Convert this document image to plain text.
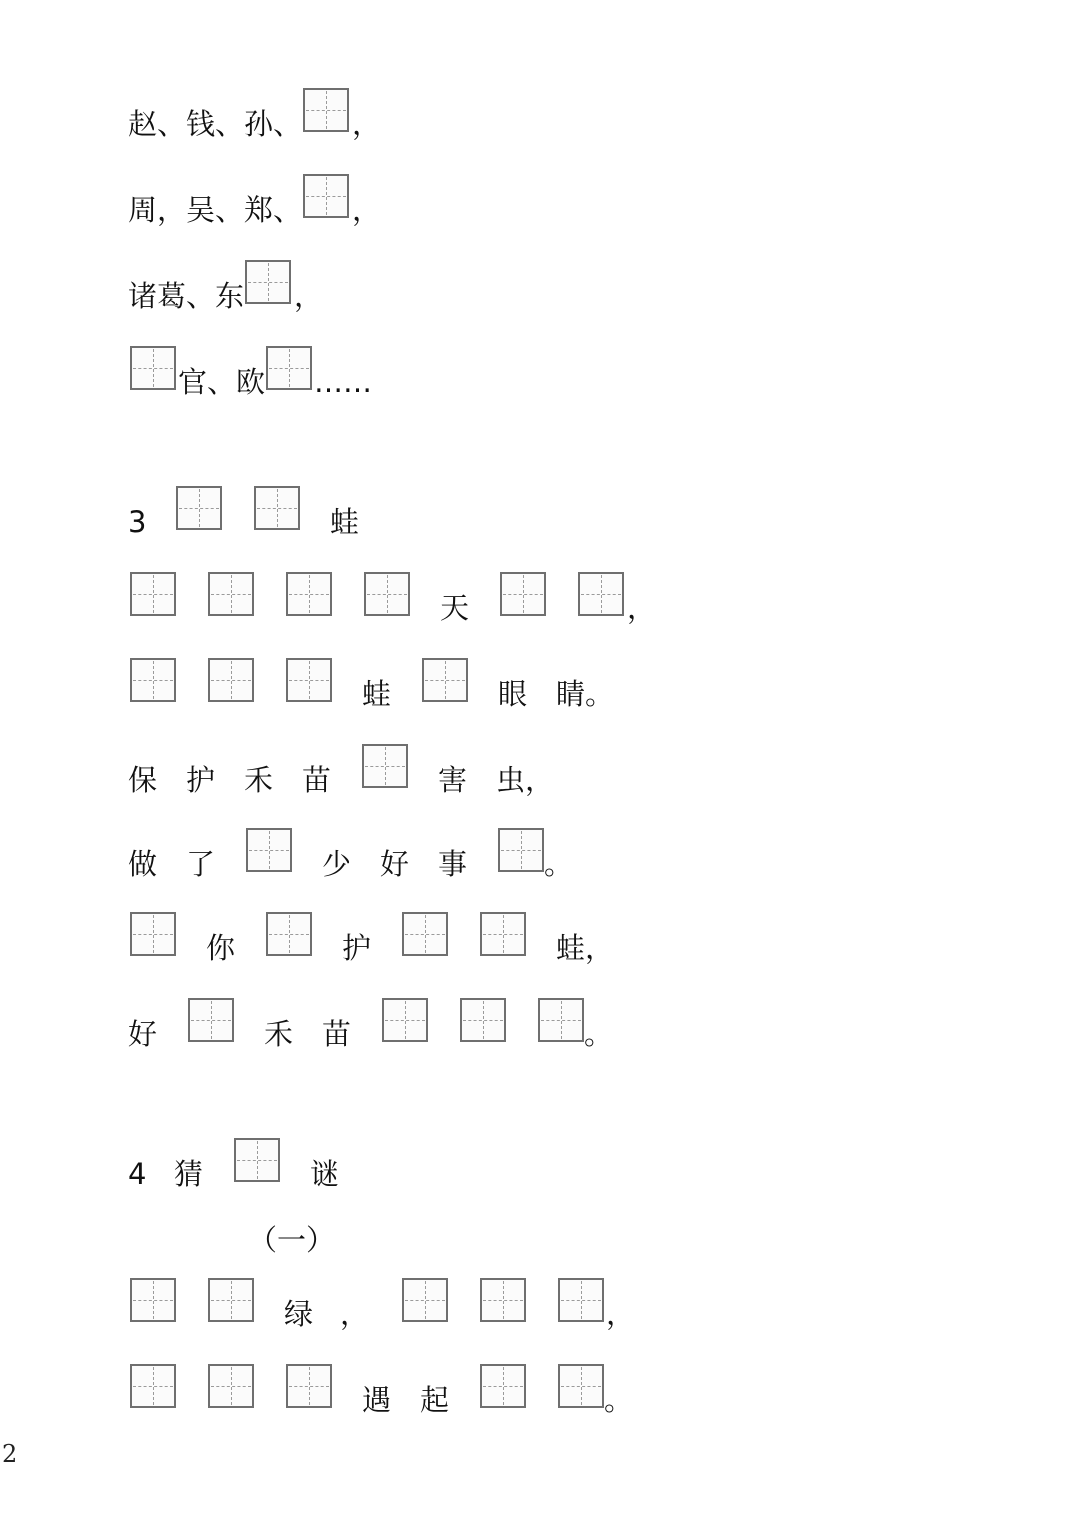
赵、钱、孙、 ，
周，吴、郑、 ，
诸葛、东 ，
官、欧 ……
3	蛙
天	，
蛙	眼 睛。
保 护 禾 苗	害 虫，
做 了	少 好 事	。
你	护	蛙，
好	禾 苗	。
4 猜	谜
（一）
绿 ，	，
遇 起	。
2
